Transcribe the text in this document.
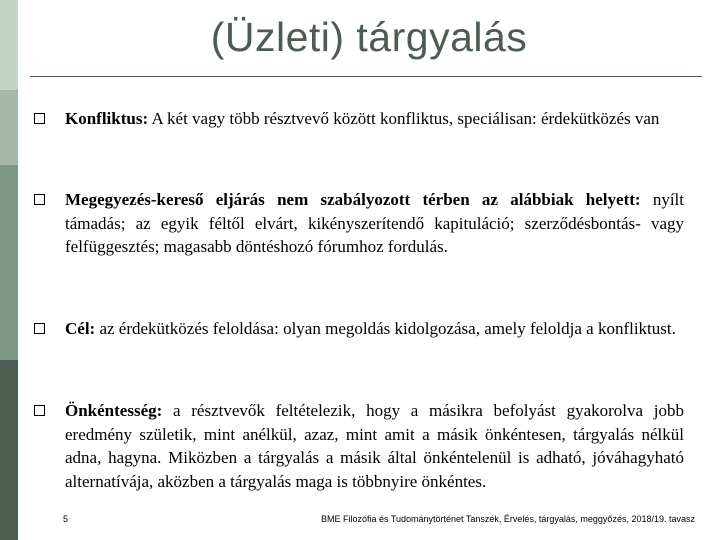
(Üzleti) tárgyalás
Konfliktus: A két vagy több résztvevő között konfliktus, speciálisan: érdekütközés van
Megegyezés-kereső eljárás nem szabályozott térben az alábbiak helyett: nyílt támadás; az egyik féltől elvárt, kikényszerítendő kapituláció; szerződésbontás- vagy felfüggesztés; magasabb döntéshozó fórumhoz fordulás.
Cél: az érdekütközés feloldása: olyan megoldás kidolgozása, amely feloldja a konfliktust.
Önkéntesség: a résztvevők feltételezik, hogy a másikra befolyást gyakorolva jobb eredmény születik, mint anélkül, azaz, mint amit a másik önkéntesen, tárgyalás nélkül adna, hagyna. Miközben a tárgyalás a másik által önkéntelenül is adható, jóváhagyható alternatívája, aközben a tárgyalás maga is többnyire önkéntes.
5	BME Filozófia és Tudománytörténet Tanszék, Érvelés, tárgyalás, meggyőzés, 2018/19. tavasz
